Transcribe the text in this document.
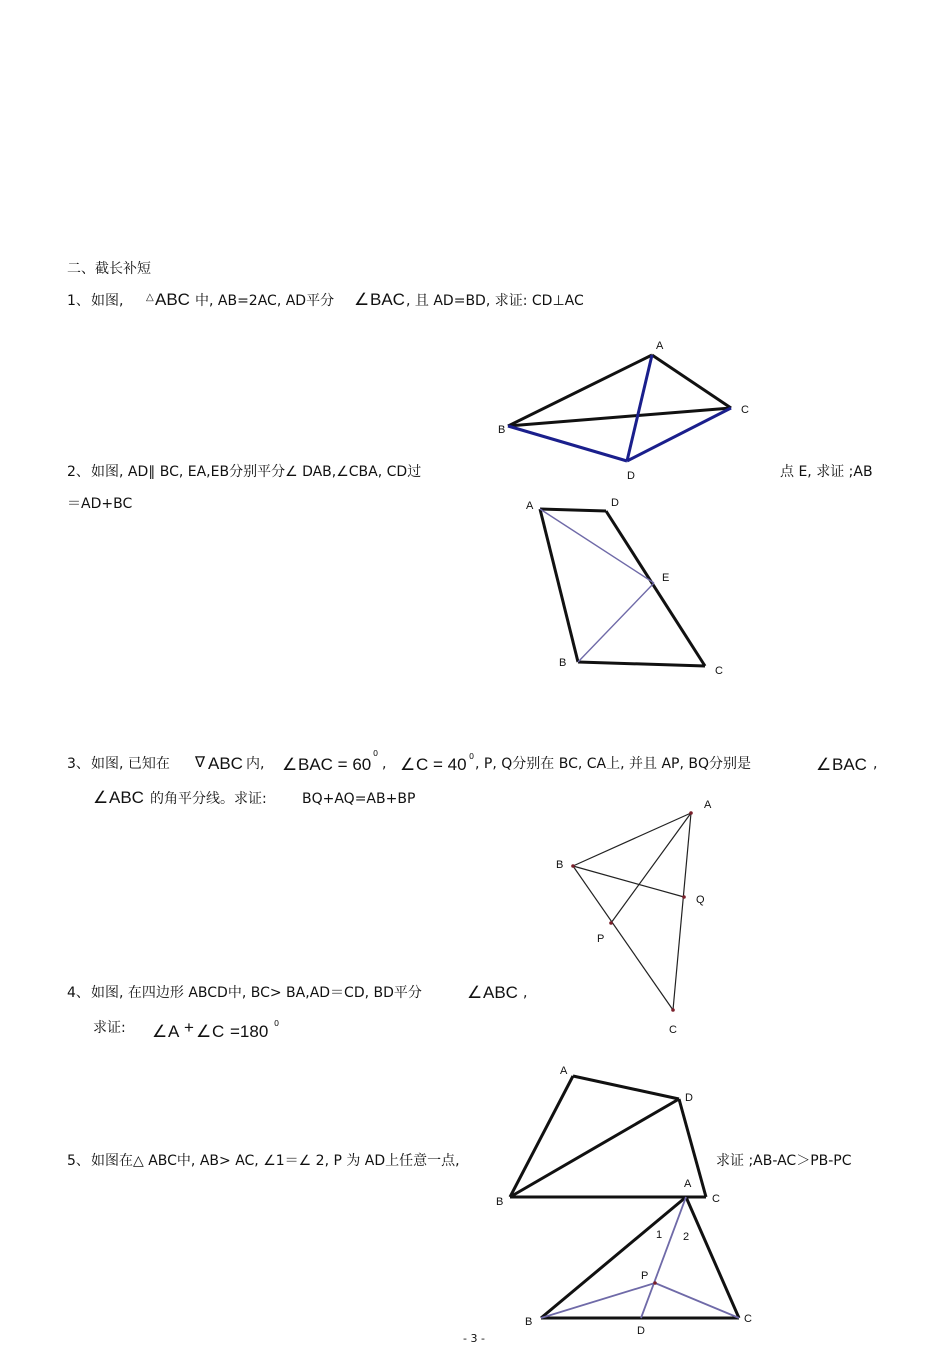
二、截长补短
1、 如图, △ ABC 中, AB=2AC, AD平分 ∠ BAC , 且 AD=BD, 求证: CD⊥AC
2、 如图, AD∥ BC, EA,EB分别平分∠ DAB,∠CBA, CD过	点 E, 求证 ;AB
＝AD+BC
3、 如图, 已知在 ∇ ABC 内, ∠ BAC = 60
0
, ∠ C = 40 0 , P, Q分别在 BC, CA上, 并且 AP, BQ分别是	∠ BAC ,
∠ ABC 的角平分线。求证:	BQ+AQ=AB+BP
4、 如图, 在四边形 ABCD中, BC> BA,AD＝CD, BD平分	∠ ABC ,
求证: ∠ A + ∠ C =180 0
5、 如图在△ ABC中, AB> AC, ∠1＝∠ 2, P 为 AD上任意一点,	求证 ;AB-AC＞PB-PC
A
B
C
D
A	D
E
B
C
A
B
Q
P
C
A
D
B	C
A
1 2
P
B
D
C
- 3 -
